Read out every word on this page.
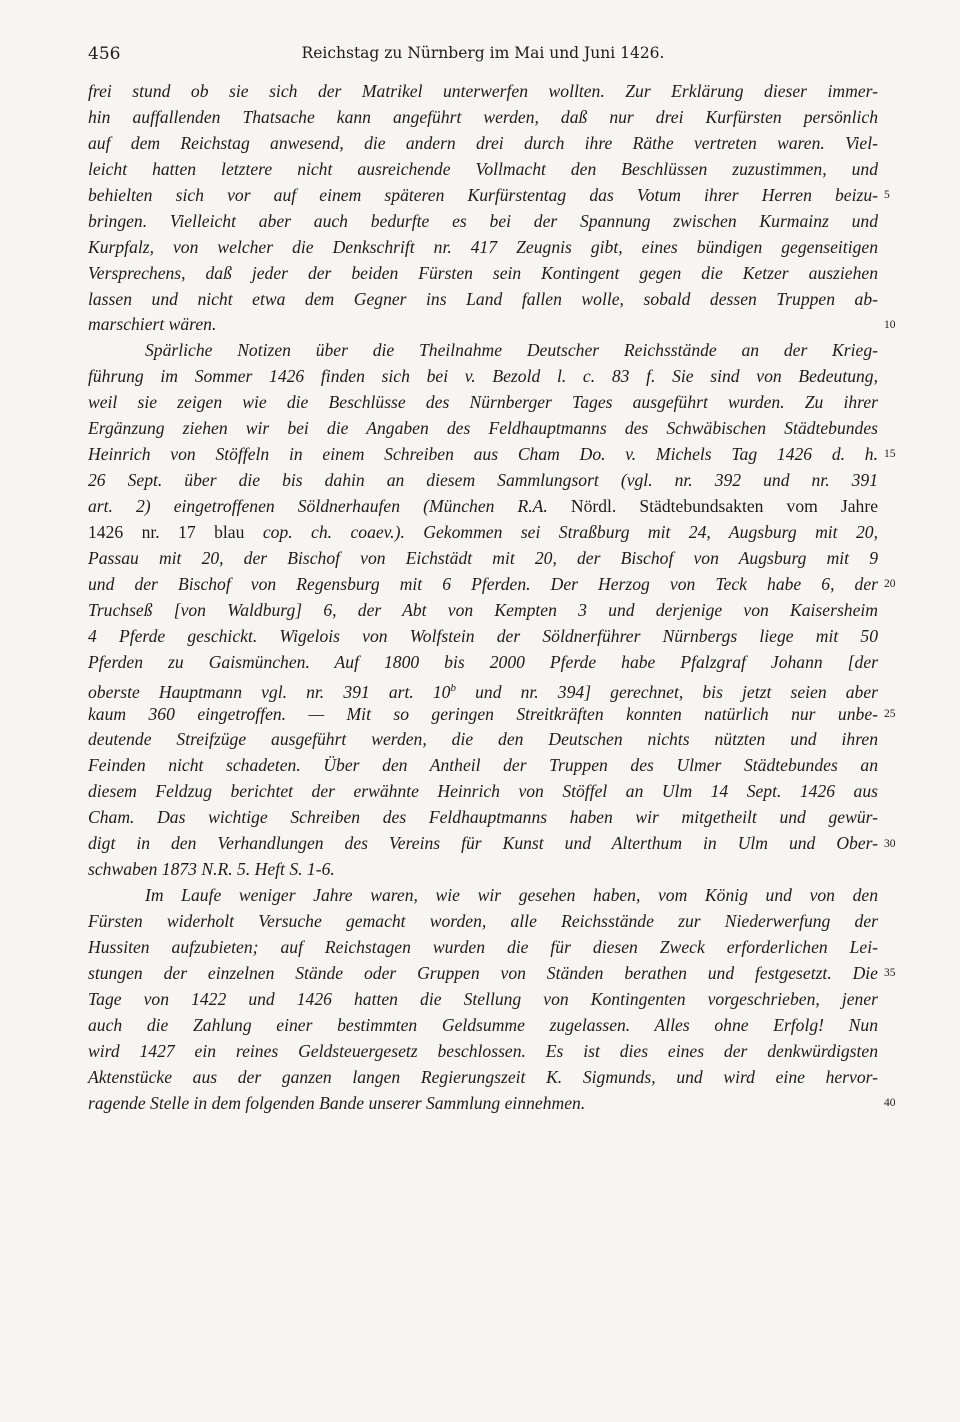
456	Reichstag zu Nürnberg im Mai und Juni 1426.
frei stund ob sie sich der Matrikel unterwerfen wollten. Zur Erklärung dieser immer-
hin auffallenden Thatsache kann angeführt werden, daß nur drei Kurfürsten persönlich
auf dem Reichstag anwesend, die andern drei durch ihre Räthe vertreten waren. Viel-
leicht hatten letztere nicht ausreichende Vollmacht den Beschlüssen zuzustimmen, und
behielten sich vor auf einem späteren Kurfürstentag das Votum ihrer Herren beizu-
bringen. Vielleicht aber auch bedurfte es bei der Spannung zwischen Kurmainz und
Kurpfalz, von welcher die Denkschrift nr. 417 Zeugnis gibt, eines bündigen gegenseitigen
Versprechens, daß jeder der beiden Fürsten sein Kontingent gegen die Ketzer ausziehen
lassen und nicht etwa dem Gegner ins Land fallen wolle, sobald dessen Truppen ab-
marschiert wären.
Spärliche Notizen über die Theilnahme Deutscher Reichsstände an der Krieg-
führung im Sommer 1426 finden sich bei v. Bezold l. c. 83 f. Sie sind von Bedeutung,
weil sie zeigen wie die Beschlüsse des Nürnberger Tages ausgeführt wurden. Zu ihrer
Ergänzung ziehen wir bei die Angaben des Feldhauptmanns des Schwäbischen Städtebundes
Heinrich von Stöffeln in einem Schreiben aus Cham Do. v. Michels Tag 1426 d. h.
26 Sept. über die bis dahin an diesem Sammlungsort (vgl. nr. 392 und nr. 391
art. 2) eingetroffenen Söldnerhaufen (München R.A. Nördl. Städtebundsakten vom Jahre
1426 nr. 17 blau cop. ch. coaev.). Gekommen sei Straßburg mit 24, Augsburg mit 20,
Passau mit 20, der Bischof von Eichstädt mit 20, der Bischof von Augsburg mit 9
und der Bischof von Regensburg mit 6 Pferden. Der Herzog von Teck habe 6, der
Truchseß [von Waldburg] 6, der Abt von Kempten 3 und derjenige von Kaisersheim
4 Pferde geschickt. Wigelois von Wolfstein der Söldnerführer Nürnbergs liege mit 50
Pferden zu Gaismünchen. Auf 1800 bis 2000 Pferde habe Pfalzgraf Johann [der
oberste Hauptmann vgl. nr. 391 art. 10$^b$ und nr. 394] gerechnet, bis jetzt seien aber
kaum 360 eingetroffen. — Mit so geringen Streitkräften konnten natürlich nur unbe-
deutende Streifzüge ausgeführt werden, die den Deutschen nichts nützten und ihren
Feinden nicht schadeten. Über den Antheil der Truppen des Ulmer Städtebundes an
diesem Feldzug berichtet der erwähnte Heinrich von Stöffel an Ulm 14 Sept. 1426 aus
Cham. Das wichtige Schreiben des Feldhauptmanns haben wir mitgetheilt und gewür-
digt in den Verhandlungen des Vereins für Kunst und Alterthum in Ulm und Ober-
schwaben 1873 N.R. 5. Heft S. 1-6.
Im Laufe weniger Jahre waren, wie wir gesehen haben, vom König und von den
Fürsten widerholt Versuche gemacht worden, alle Reichsstände zur Niederwerfung der
Hussiten aufzubieten; auf Reichstagen wurden die für diesen Zweck erforderlichen Lei-
stungen der einzelnen Stände oder Gruppen von Ständen berathen und festgesetzt. Die
Tage von 1422 und 1426 hatten die Stellung von Kontingenten vorgeschrieben, jener
auch die Zahlung einer bestimmten Geldsumme zugelassen. Alles ohne Erfolg! Nun
wird 1427 ein reines Geldsteuergesetz beschlossen. Es ist dies eines der denkwürdigsten
Aktenstücke aus der ganzen langen Regierungszeit K. Sigmunds, und wird eine hervor-
ragende Stelle in dem folgenden Bande unserer Sammlung einnehmen.
5
10
15
20
25
30
35
40
